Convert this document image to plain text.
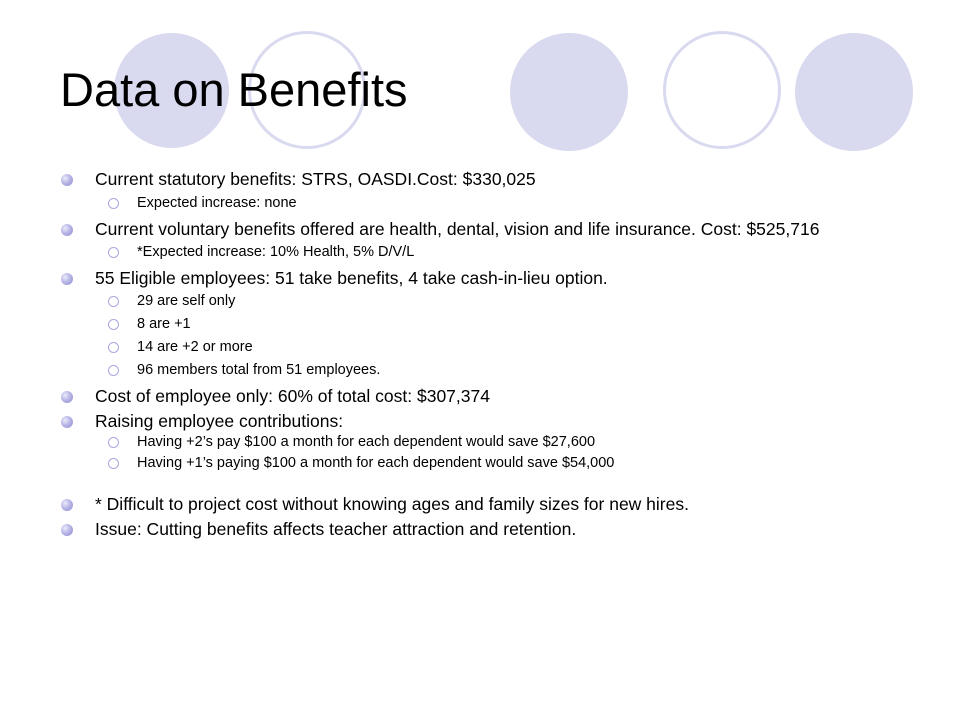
Data on Benefits
Current statutory benefits: STRS, OASDI.Cost: $330,025
Expected increase: none
Current voluntary benefits offered are health, dental, vision and life insurance. Cost: $525,716
*Expected increase: 10% Health, 5% D/V/L
55 Eligible employees: 51 take benefits, 4 take cash-in-lieu option.
29 are self only
8 are +1
14 are +2 or more
96 members total from 51 employees.
Cost of employee only: 60% of total cost: $307,374
Raising employee contributions:
Having +2’s pay $100 a month for each dependent would save $27,600
Having +1’s paying $100 a month for each dependent would save $54,000
* Difficult to project cost without knowing ages and family sizes for new hires.
Issue: Cutting benefits affects teacher attraction and retention.
